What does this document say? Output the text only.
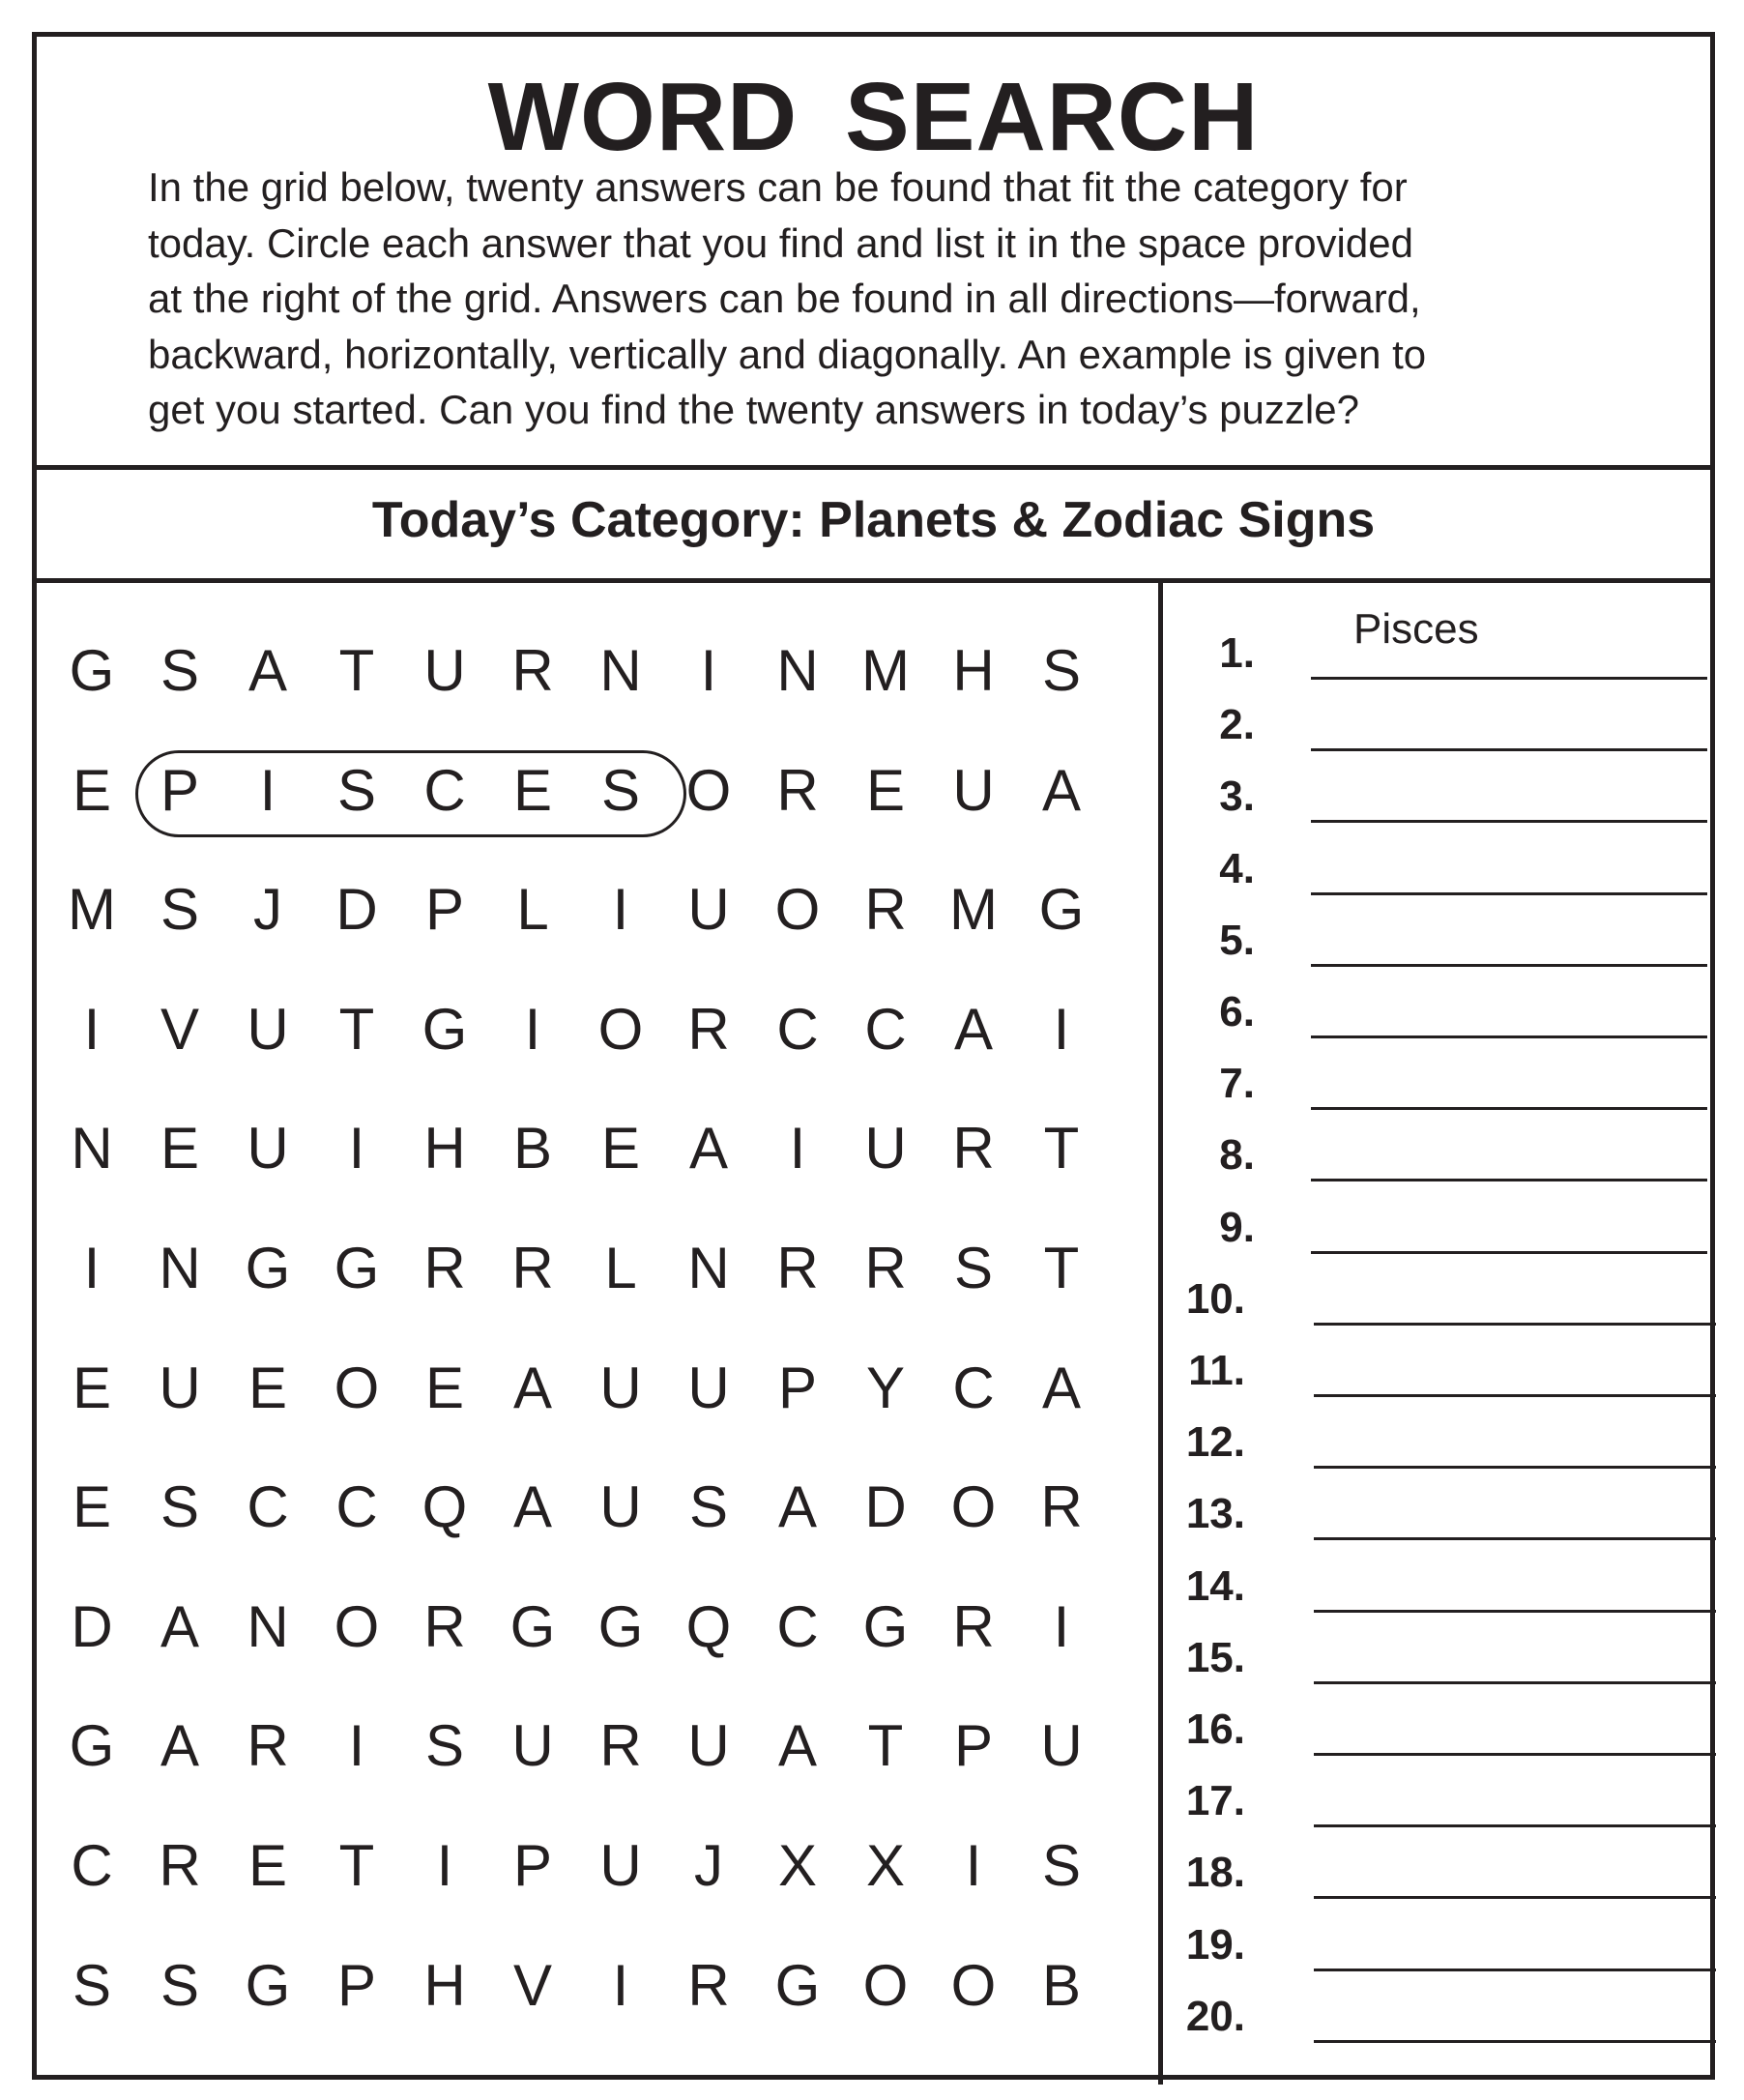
WORD SEARCH
In the grid below, twenty answers can be found that fit the category for
today. Circle each answer that you find and list it in the space provided
at the right of the grid. Answers can be found in all directions—forward,
backward, horizontally, vertically and diagonally. An example is given to
get you started. Can you find the twenty answers in today’s puzzle?
Today’s Category: Planets & Zodiac Signs
G S A T U R N	I	N M H S
E P	I	S C E S O R E U A
M S J D P L	I	U O R M G
I	V U T G I O R C C A	I
N E U	I	H B E A	I	U R T
I	N G G R R L N R R S T
E U E O E A U U P Y C A
E S C C Q A U S A D O R
D A N O R G G Q C G R	I
G A R	I	S U R U A T P U
C R E T	I	P U J X X	I	S
S S G P H V	I	R G O O B
1.
Pisces
2.
3.
4.
5.
6.
7.
8.
9.
10.
11.
12.
13.
14.
15.
16.
17.
18.
19.
20.
